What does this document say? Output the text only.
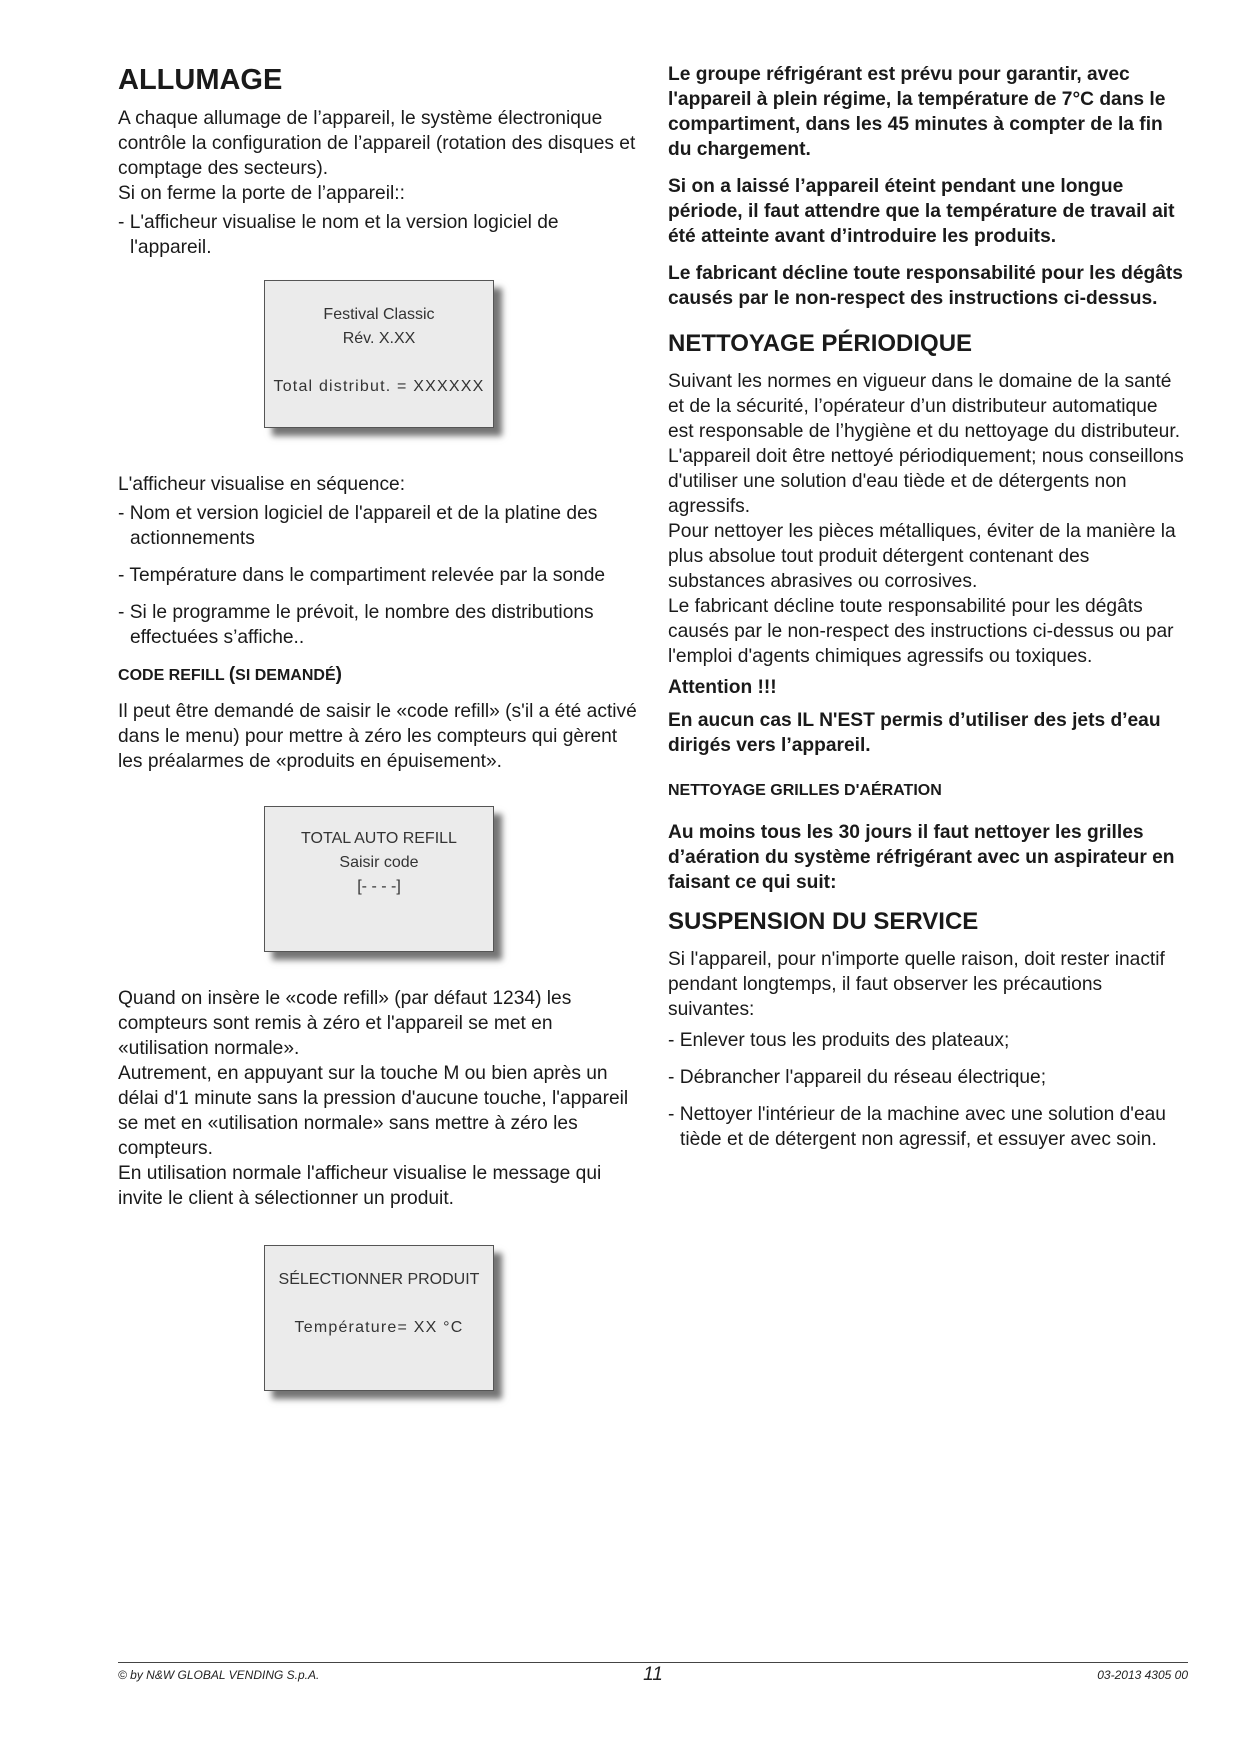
ALLUMAGE

A chaque allumage de l’appareil, le système électronique contrôle la configuration de l’appareil (rotation des disques et comptage des secteurs).

Si on ferme la porte de l’appareil::

- L'afficheur visualise le nom et la version logiciel de l'appareil.
Festival Classic
Rév. X.XX
Total distribut. = XXXXXX

L'afficheur visualise en séquence:

- Nom et version logiciel de l'appareil et de la platine des actionnements
- Température dans le compartiment relevée par la sonde
- Si le programme le prévoit, le nombre des distributions effectuées s’affiche..
CODE REFILL (SI DEMANDÉ)

Il peut être demandé de saisir le «code refill» (s'il a été activé dans le menu) pour mettre à zéro les compteurs qui gèrent les préalarmes de «produits en épuisement».

TOTAL AUTO REFILL
Saisir code
[- - - -]

Quand on insère le «code refill» (par défaut 1234) les compteurs sont remis à zéro et l'appareil se met en «utilisation normale».

Autrement, en appuyant sur la touche M ou bien après un délai d'1 minute sans la pression d'aucune touche, l'appareil se met en «utilisation normale» sans mettre à zéro les compteurs.

En utilisation normale l'afficheur visualise le message qui invite le client à sélectionner un produit.

SÉLECTIONNER PRODUIT
Température= XX °C

Le groupe réfrigérant est prévu pour garantir, avec l'appareil à plein régime, la température de 7°C dans le compartiment, dans les 45 minutes à compter de la fin du chargement.

Si on a laissé l’appareil éteint pendant une longue période, il faut attendre que la température de travail ait été atteinte avant d’introduire les produits.

Le fabricant décline toute responsabilité pour les dégâts causés par le non-respect des instructions ci-dessus.

NETTOYAGE PÉRIODIQUE

Suivant les normes en vigueur dans le domaine de la santé et de la sécurité, l’opérateur d’un distributeur automatique est responsable de l’hygiène et du nettoyage du distributeur.

L'appareil doit être nettoyé périodiquement; nous conseillons d'utiliser une solution d'eau tiède et de détergents non agressifs.

Pour nettoyer les pièces métalliques, éviter de la manière la plus absolue tout produit détergent contenant des substances abrasives ou corrosives.

Le fabricant décline toute responsabilité pour les dégâts causés par le non-respect des instructions ci-dessus ou par l'emploi d'agents chimiques agressifs ou toxiques.

Attention !!!

En aucun cas IL N'EST permis d’utiliser des jets d’eau dirigés vers l’appareil.

NETTOYAGE GRILLES D'AÉRATION

Au moins tous les 30 jours il faut nettoyer les grilles d’aération du système réfrigérant avec un aspirateur en faisant ce qui suit:

SUSPENSION DU SERVICE

Si l'appareil, pour n'importe quelle raison, doit rester inactif pendant longtemps, il faut observer les précautions suivantes:

- Enlever tous les produits des plateaux;
- Débrancher l'appareil du réseau électrique;
- Nettoyer l'intérieur de la machine avec une solution d'eau tiède et de détergent non agressif, et essuyer avec soin.
© by N&W GLOBAL VENDING S.p.A.	11	03-2013 4305 00
